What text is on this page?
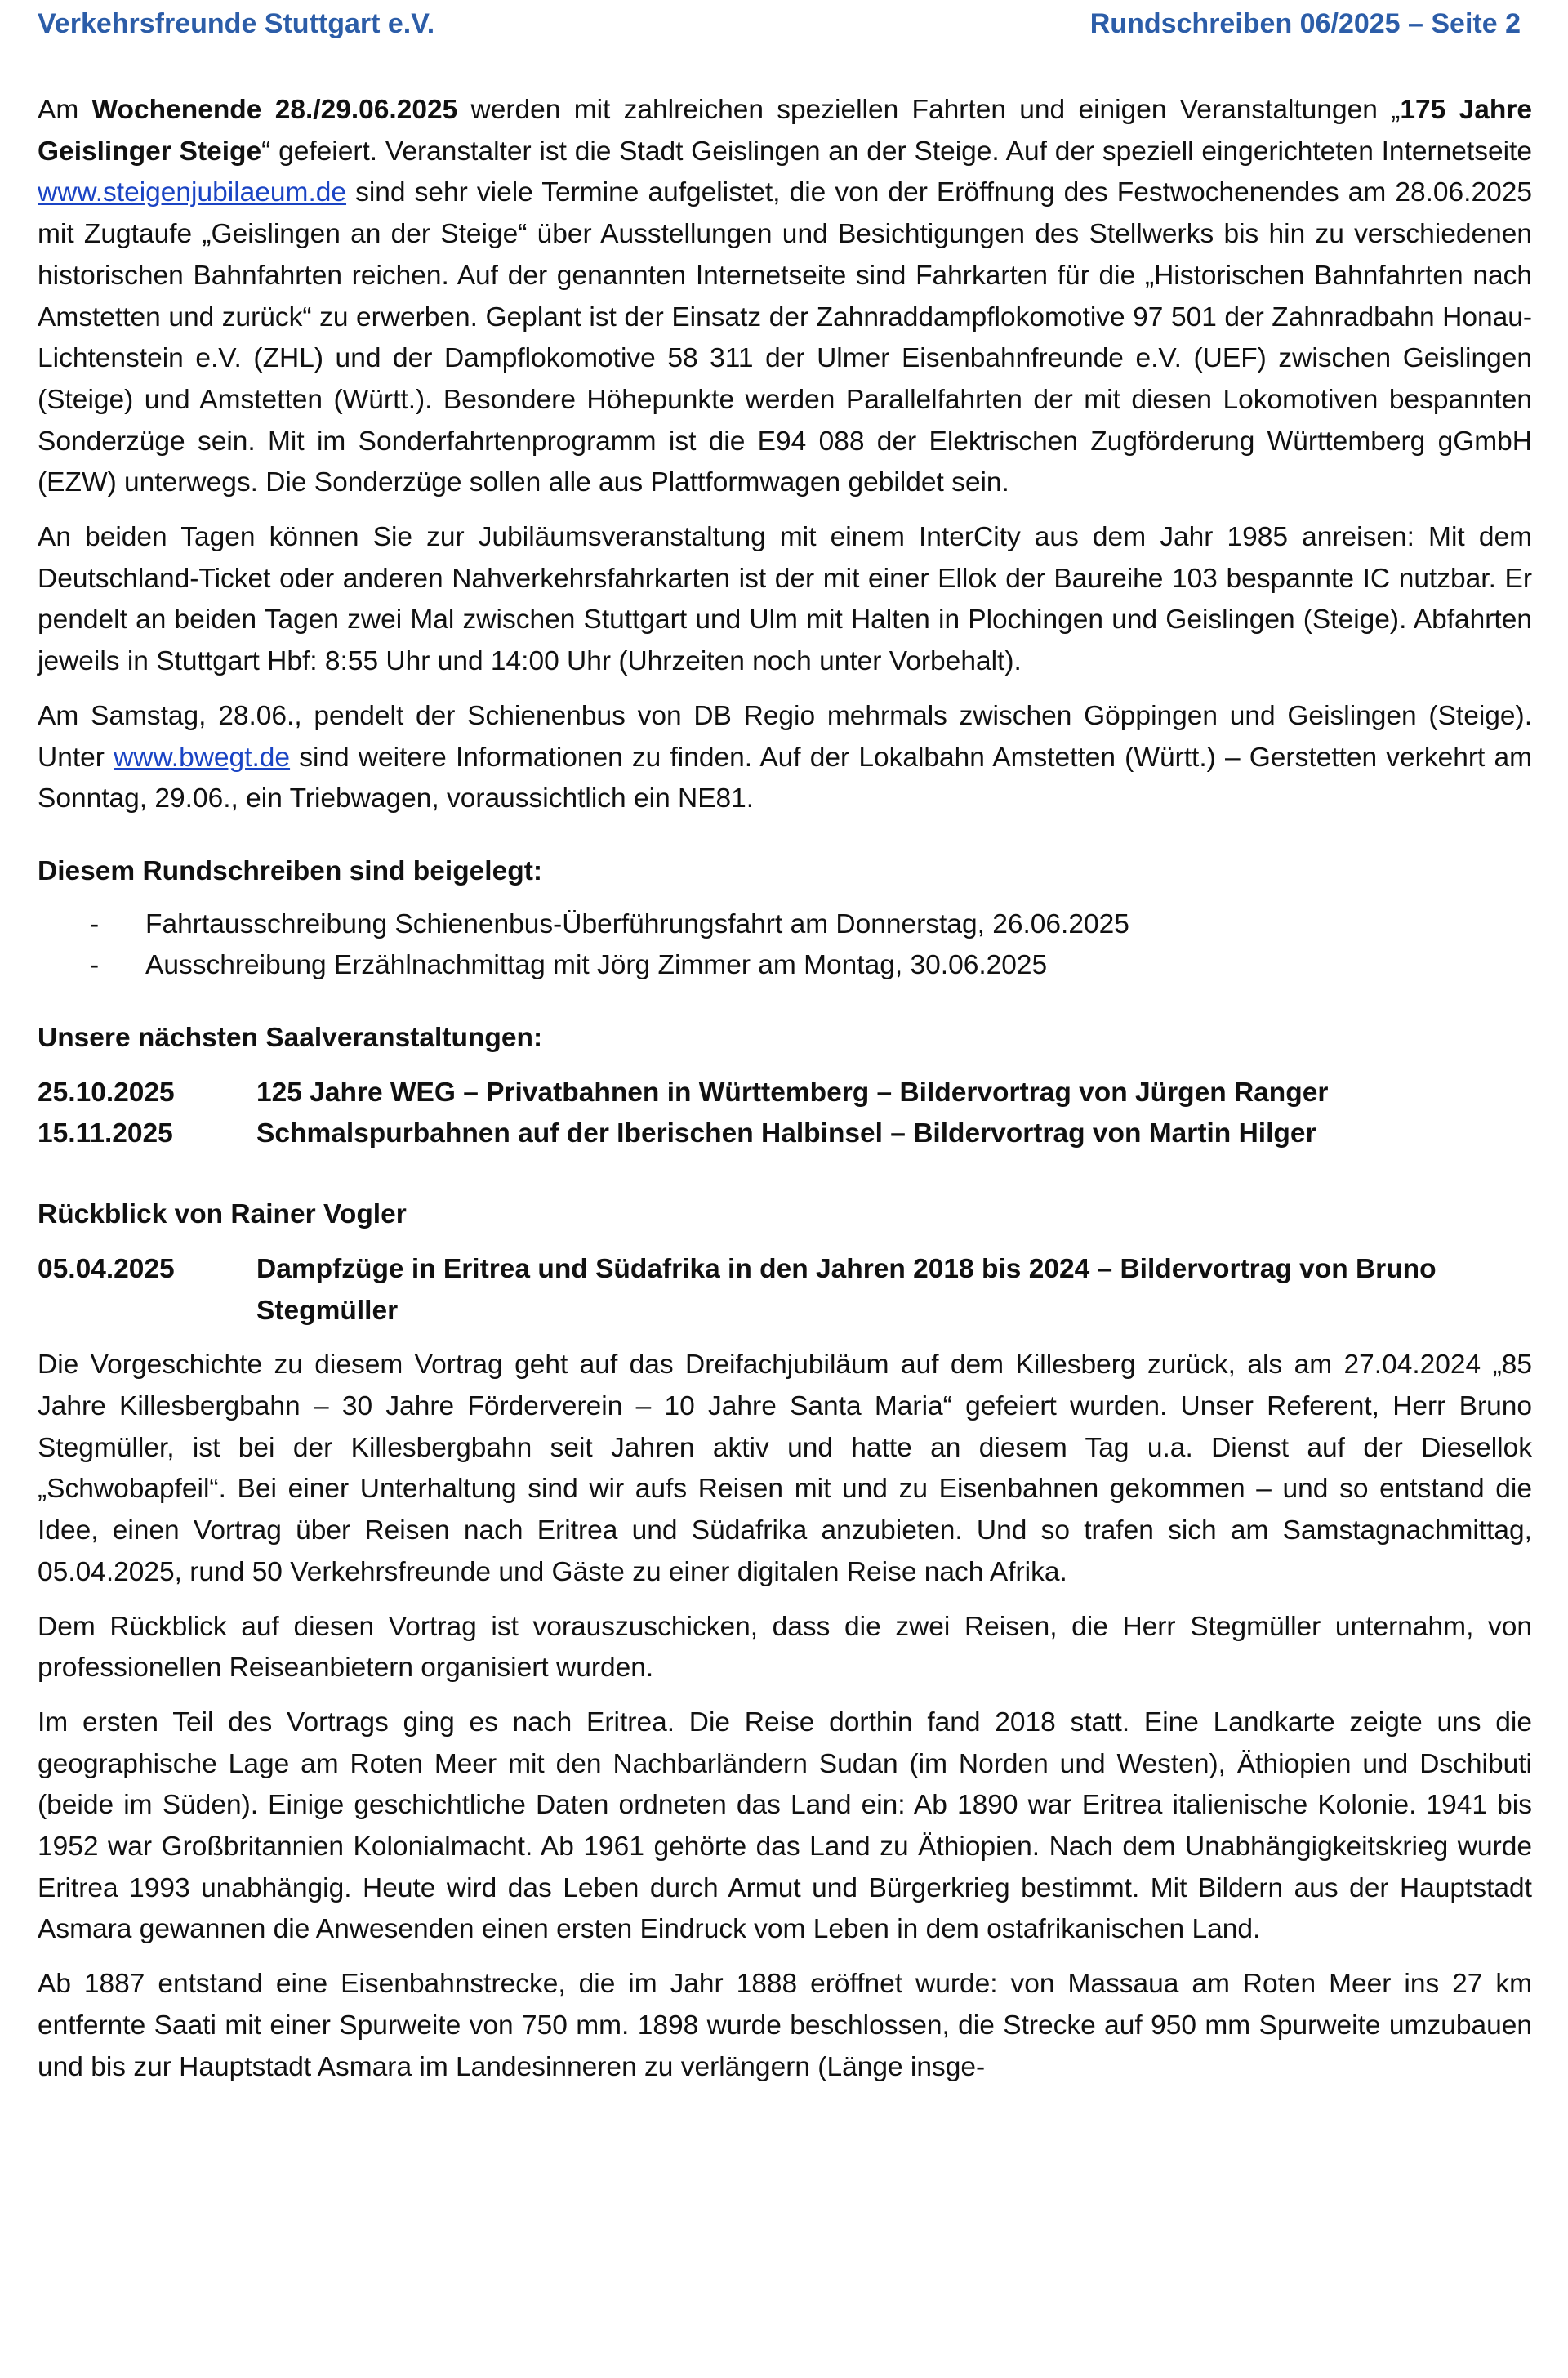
Verkehrsfreunde Stuttgart e.V.	Rundschreiben 06/2025 – Seite 2

Am Wochenende 28./29.06.2025 werden mit zahlreichen speziellen Fahrten und einigen Veranstaltungen „175 Jahre Geislinger Steige“ gefeiert. Veranstalter ist die Stadt Geislingen an der Steige. Auf der speziell eingerichteten Internetseite www.steigenjubilaeum.de sind sehr viele Termine aufgelistet, die von der Eröffnung des Festwochenendes am 28.06.2025 mit Zugtaufe „Geislingen an der Steige“ über Ausstellungen und Besichtigungen des Stellwerks bis hin zu verschiedenen historischen Bahnfahrten reichen. Auf der genannten Internetseite sind Fahrkarten für die „Historischen Bahnfahrten nach Amstetten und zurück“ zu erwerben. Geplant ist der Einsatz der Zahnraddampflokomotive 97 501 der Zahnradbahn Honau-Lichtenstein e.V. (ZHL) und der Dampflokomotive 58 311 der Ulmer Eisenbahnfreunde e.V. (UEF) zwischen Geislingen (Steige) und Amstetten (Württ.). Besondere Höhepunkte werden Parallelfahrten der mit diesen Lokomotiven bespannten Sonderzüge sein. Mit im Sonderfahrtenprogramm ist die E94 088 der Elektrischen Zugförderung Württemberg gGmbH (EZW) unterwegs. Die Sonderzüge sollen alle aus Plattformwagen gebildet sein.

An beiden Tagen können Sie zur Jubiläumsveranstaltung mit einem InterCity aus dem Jahr 1985 anreisen: Mit dem Deutschland-Ticket oder anderen Nahverkehrsfahrkarten ist der mit einer Ellok der Baureihe 103 bespannte IC nutzbar. Er pendelt an beiden Tagen zwei Mal zwischen Stuttgart und Ulm mit Halten in Plochingen und Geislingen (Steige). Abfahrten jeweils in Stuttgart Hbf: 8:55 Uhr und 14:00 Uhr (Uhrzeiten noch unter Vorbehalt).

Am Samstag, 28.06., pendelt der Schienenbus von DB Regio mehrmals zwischen Göppingen und Geislingen (Steige). Unter www.bwegt.de sind weitere Informationen zu finden. Auf der Lokalbahn Amstetten (Württ.) – Gerstetten verkehrt am Sonntag, 29.06., ein Triebwagen, voraussichtlich ein NE81.

Diesem Rundschreiben sind beigelegt:

-	Fahrtausschreibung Schienenbus-Überführungsfahrt am Donnerstag, 26.06.2025
-	Ausschreibung Erzählnachmittag mit Jörg Zimmer am Montag, 30.06.2025

Unsere nächsten Saalveranstaltungen:

25.10.2025	125 Jahre WEG – Privatbahnen in Württemberg – Bildervortrag von Jürgen Ranger
15.11.2025	Schmalspurbahnen auf der Iberischen Halbinsel – Bildervortrag von Martin Hilger

Rückblick von Rainer Vogler

05.04.2025	Dampfzüge in Eritrea und Südafrika in den Jahren 2018 bis 2024 – Bildervortrag von Bruno Stegmüller

Die Vorgeschichte zu diesem Vortrag geht auf das Dreifachjubiläum auf dem Killesberg zurück, als am 27.04.2024 „85 Jahre Killesbergbahn – 30 Jahre Förderverein – 10 Jahre Santa Maria“ gefeiert wurden. Unser Referent, Herr Bruno Stegmüller, ist bei der Killesbergbahn seit Jahren aktiv und hatte an diesem Tag u.a. Dienst auf der Diesellok „Schwobapfeil“. Bei einer Unterhaltung sind wir aufs Reisen mit und zu Eisenbahnen gekommen – und so entstand die Idee, einen Vortrag über Reisen nach Eritrea und Südafrika anzubieten. Und so trafen sich am Samstagnachmittag, 05.04.2025, rund 50 Verkehrsfreunde und Gäste zu einer digitalen Reise nach Afrika.

Dem Rückblick auf diesen Vortrag ist vorauszuschicken, dass die zwei Reisen, die Herr Stegmüller unternahm, von professionellen Reiseanbietern organisiert wurden.

Im ersten Teil des Vortrags ging es nach Eritrea. Die Reise dorthin fand 2018 statt. Eine Landkarte zeigte uns die geographische Lage am Roten Meer mit den Nachbarländern Sudan (im Norden und Westen), Äthiopien und Dschibuti (beide im Süden). Einige geschichtliche Daten ordneten das Land ein: Ab 1890 war Eritrea italienische Kolonie. 1941 bis 1952 war Großbritannien Kolonialmacht. Ab 1961 gehörte das Land zu Äthiopien. Nach dem Unabhängigkeitskrieg wurde Eritrea 1993 unabhängig. Heute wird das Leben durch Armut und Bürgerkrieg bestimmt. Mit Bildern aus der Hauptstadt Asmara gewannen die Anwesenden einen ersten Eindruck vom Leben in dem ostafrikanischen Land.

Ab 1887 entstand eine Eisenbahnstrecke, die im Jahr 1888 eröffnet wurde: von Massaua am Roten Meer ins 27 km entfernte Saati mit einer Spurweite von 750 mm. 1898 wurde beschlossen, die Strecke auf 950 mm Spurweite umzubauen und bis zur Hauptstadt Asmara im Landesinneren zu verlängern (Länge insge-
